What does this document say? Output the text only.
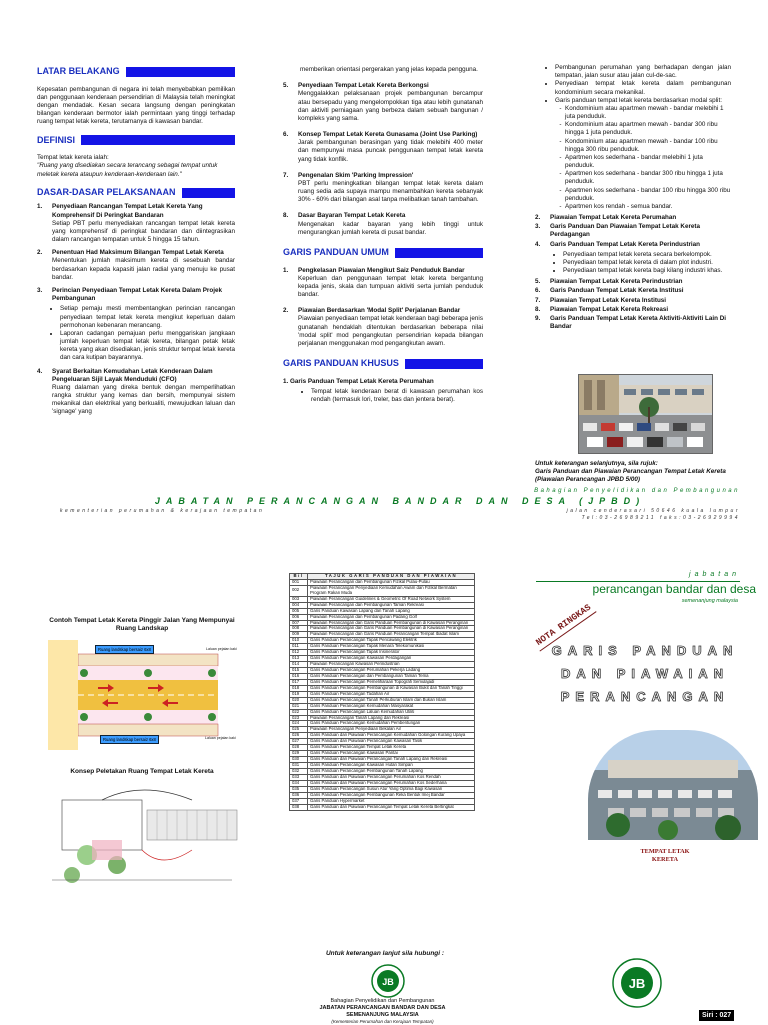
LATAR BELAKANG

Kepesatan pembangunan di negara ini telah menyebabkan pemilikan dan penggunaan kenderaan persendirian di Malaysia telah meningkat dengan mendadak. Kesan secara langsung dengan peningkatan bilangan kenderaan bermotor ialah permintaan yang tinggi terhadap ruang tempat letak kereta, terutamanya di kawasan bandar.

DEFINISI

Tempat letak kereta ialah:

"Ruang yang disediakan secara terancang sebagai tempat untuk meletak kereta ataupun kenderaan-kenderaan lain."

DASAR-DASAR PELAKSANAAN
1.	Penyediaan Rancangan Tempat Letak Kereta Yang Komprehensif Di Peringkat Bandaran
Setiap PBT perlu menyediakan rancangan tempat letak kereta yang komprehensif di peringkat bandaran dan diintegrasikan dalam rancangan tempatan untuk 5 hingga 15 tahun.
2.	Penentuan Had Maksimum Bilangan Tempat Letak Kereta
Menentukan jumlah maksimum kereta di sesebuah bandar berdasarkan kepada kapasiti jalan radial yang menuju ke pusat bandar.
3.	Perincian Penyediaan Tempat Letak Kereta Dalam Projek Pembangunan
• Setiap pemaju mesti membentangkan perincian rancangan penyediaan tempat letak kereta mengikut keperluan dalam permohonan kebenaran merancang.
• Laporan cadangan pemajuan perlu menggariskan jangkaan jumlah keperluan tempat letak kereta, bilangan petak letak kereta yang akan disediakan, jenis struktur tempat letak kereta dan cara kutipan bayarannya.
4.	Syarat Berkaitan Kemudahan Letak Kenderaan Dalam Pengeluaran Sijil Layak Menduduki (CFO)
Ruang dalaman yang direka bentuk dengan memperlihatkan rangka struktur yang kemas dan bersih, mempunyai sistem mekanikal dan elektrikal yang berkualiti, mewujudkan laluan dan 'signage' yang

memberikan orientasi pergerakan yang jelas kepada pengguna.

5.	Penyediaan Tempat Letak Kereta Berkongsi
Menggalakkan pelaksanaan projek pembangunan bercampur atau bersepadu yang mengelompokkan tiga atau lebih gunatanah dan aktiviti perniagaan yang berbeza dalam sebuah bangunan / kompleks yang sama.
6.	Konsep Tempat Letak Kereta Gunasama (Joint Use Parking)
Jarak pembangunan berasingan yang tidak melebihi 400 meter dan mempunyai masa puncak penggunaan tempat letak kereta yang tidak konflik.
7.	Pengenalan Skim 'Parking Impression'
PBT perlu meningkatkan bilangan tempat letak kereta dalam ruang sedia ada supaya mampu menambahkan kereta sebanyak 30% - 60% dari bilangan asal tanpa melibatkan tanah tambahan.
8.	Dasar Bayaran Tempat Letak Kereta
Mengenakan kadar bayaran yang lebih tinggi untuk mengurangkan jumlah kereta di pusat bandar.
GARIS PANDUAN UMUM
1.	Pengkelasan Piawaian Mengikut Saiz Penduduk Bandar
Keperluan dan penggunaan tempat letak kereta bergantung kepada jenis, skala dan tumpuan aktiviti serta jumlah penduduk bandar.
2.	Piawaian Berdasarkan 'Modal Split' Perjalanan Bandar
Piawaian penyediaan tempat letak kenderaan bagi beberapa jenis gunatanah hendaklah ditentukan berdasarkan beberapa nilai 'modal split' mod pengangkutan persendirian kepada bilangan perjalanan menggunakan mod pengangkutan awam.
GARIS PANDUAN KHUSUS
1. Garis Panduan Tempat Letak Kereta Perumahan
• Tempat letak kenderaan berat di kawasan perumahan kos rendah (termasuk lori, treler, bas dan jentera berat).
• Pembangunan perumahan yang berhadapan dengan jalan tempatan, jalan susur atau jalan cul-de-sac.
• Penyediaan tempat letak kereta dalam pembangunan kondominium secara mekanikal.
• Garis panduan tempat letak kereta berdasarkan modal split:
- Kondominium atau apartmen mewah - bandar melebihi 1 juta penduduk.
- Kondominium atau apartmen mewah - bandar 300 ribu hingga 1 juta penduduk.
- Kondominium atau apartmen mewah - bandar 100 ribu hingga 300 ribu penduduk.
- Apartmen kos sederhana - bandar melebihi 1 juta penduduk.
- Apartmen kos sederhana - bandar 300 ribu hingga 1 juta penduduk.
- Apartmen kos sederhana - bandar 100 ribu hingga 300 ribu penduduk.
- Apartmen kos rendah - semua bandar.
2.	Piawaian Tempat Letak Kereta Perumahan
3.	Garis Panduan Dan Piawaian Tempat Letak Kereta Perdagangan
4.	Garis Panduan Tempat Letak Kereta Perindustrian
• Penyediaan tempat letak kereta secara berkelompok.
• Penyediaan tempat letak kereta di dalam plot industri.
• Penyediaan tempat letak kereta bagi kilang industri khas.
5.	Piawaian Tempat Letak Kereta Perindustrian
6.	Garis Panduan Tempat Letak Kereta Institusi
7.	Piawaian Tempat Letak Kereta Institusi
8.	Piawaian Tempat Letak Kereta Rekreasi
9.	Garis Panduan Tempat Letak Kereta Aktiviti-Aktiviti Lain Di Bandar
Untuk keterangan selanjutnya, sila rujuk:
Garis Panduan dan Piawaian Perancangan Tempat Letak Kereta (Piawaian Perancangan JPBD 5/00)
Bahagian Penyelidikan dan Pembangunan
JABATAN PERANCANGAN BANDAR DAN DESA (JPBD)
kementerian perumahan & kerajaan tempatan	jalan cenderasari 50646 kuala lumpur
Tel:03-26989211 faks:03-26929994
Contoh Tempat Letak Kereta Pinggir Jalan Yang Mempunyai Ruang Landskap
Ruang landskap bersaiz 6x8
Ruang landskap bersaiz 6x8
Laluan pejalan kaki
Laluan pejalan kaki
Konsep Peletakan Ruang Tempat Letak Kereta
Bil	TAJUK GARIS PANDUAN DAN PIAWAIAN
001	Piawaian Perancangan dan Pembangunan Fizikal Pulau-Pulau
002	Piawaian Perancangan Penyediaan Kemudahan Awam dan Fizikal Bermatan Program Rakan Muda
003	Piawaian Perancangan Guidelines & Geometric Of Road Network System
004	Piawaian Perancangan dan Pembangunan Taman Rekreasi
005	Garis Panduan Kawasan Lapang dan Tanah Lapang
006	Piawaian Perancangan dan Pembangunan Padang Golf
007	Piawaian Perancangan dan Garis Panduan Pembangunan di Kawasan Peranginan
008	Piawaian Perancangan dan Garis Panduan Pembangunan di Kawasan Peranginan
009	Piawaian Perancangan dan Garis Panduan Perancangan Tempat Ibadat Islam
010	Garis Panduan Perancangan Tapak Pencawang Elektrik
011	Garis Panduan Perancangan Tapak Menara Telekomunikasi
012	Garis Panduan Perancangan Tapak Insinerator
013	Garis Panduan Perancangan Kawasan Perdagangan
014	Piawaian Perancangan Kawasan Perindustrian
015	Garis Panduan Perancangan Perumahan Pekerja Ladang
016	Garis Panduan Perancangan dan Pembangunan Taman Tema
017	Garis Panduan Perancangan Pemeliharaan Topografi Semulajadi
018	Garis Panduan Perancangan Pembangunan di Kawasan Bukit dan Tanah Tinggi
019	Garis Panduan Perancangan Tadahan Air
020	Garis Panduan Perancangan Tanah Perkuburan Islam dan Bukan Islam
021	Garis Panduan Perancangan Kemudahan Masyarakat
022	Garis Panduan Perancangan Laluan Kemudahan Utiliti
023	Piawaian Perancangan Tanah Lapang dan Rekreasi
024	Garis Panduan Perancangan Kemudahan Pembentungan
025	Piawaian Perancangan Penyediaan Bekalan Air
026	Garis Panduan dan Piawaian Perancangan Kemudahan Golongan Kurang Upaya
027	Garis Panduan dan Piawaian Perancangan Kawasan Tasik
028	Garis Panduan Perancangan Tempat Letak Kereta
029	Garis Panduan Perancangan Kawasan Pantai
030	Garis Panduan dan Piawaian Perancangan Tanah Lapang dan Rekreasi
031	Garis Panduan Perancangan Kawasan Hutan Simpan
032	Garis Panduan Perancangan Pembangunan Tanah Lapang
033	Garis Panduan dan Piawaian Perancangan Perumahan Kos Rendah
034	Garis Panduan dan Piawaian Perancangan Perumahan Kos Sederhana
035	Garis Panduan Perancangan Susun Atur Yang Optima Bagi Kawasan
036	Garis Panduan Perancangan Pembangunan Reka Bentuk Imej Bandar
037	Garis Panduan Hypermarket
038	Garis Panduan dan Piawaian Perancangan Tempat Letak Kereta Bertingkat
Untuk keterangan lanjut sila hubungi :
JB
Bahagian Penyelidikan dan Pembangunan
JABATAN PERANCANGAN BANDAR DAN DESA
SEMENANJUNG MALAYSIA
(Kementerian Perumahan dan Kerajaan Tempatan)
jabatan
perancangan bandar dan desa
semenanjung malaysia
NOTA RINGKAS
GARIS PANDUAN
DAN PIAWAIAN
PERANCANGAN
TEMPAT LETAK
KERETA
JB
Siri : 027
